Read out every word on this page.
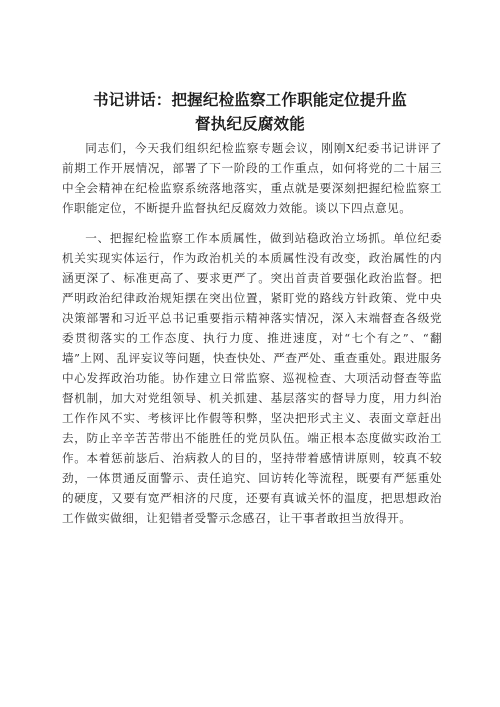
书记讲话：把握纪检监察工作职能定位提升监
督执纪反腐效能

同志们，今天我们组织纪检监察专题会议，刚刚X纪委书记讲评了前期工作开展情况，部署了下一阶段的工作重点，如何将党的二十届三中全会精神在纪检监察系统落地落实，重点就是要深刻把握纪检监察工作职能定位，不断提升监督执纪反腐效力效能。谈以下四点意见。

一、把握纪检监察工作本质属性，做到站稳政治立场抓。单位纪委机关实现实体运行，作为政治机关的本质属性没有改变，政治属性的内涵更深了、标准更高了、要求更严了。突出首责首要强化政治监督。把严明政治纪律政治规矩摆在突出位置，紧盯党的路线方针政策、党中央决策部署和习近平总书记重要指示精神落实情况，深入末端督查各级党委贯彻落实的工作态度、执行力度、推进速度，对“七个有之”、“翻墙”上网、乱评妄议等问题，快查快处、严查严处、重查重处。跟进服务中心发挥政治功能。协作建立日常监察、巡视检查、大项活动督查等监督机制，加大对党组领导、机关抓建、基层落实的督导力度，用力纠治工作作风不实、考核评比作假等积弊，坚决把形式主义、表面文章赶出去，防止辛辛苦苦带出不能胜任的党员队伍。端正根本态度做实政治工作。本着惩前毖后、治病救人的目的，坚持带着感情讲原则，较真不较劲，一体贯通反面警示、责任追究、回访转化等流程，既要有严惩重处的硬度，又要有宽严相济的尺度，还要有真诚关怀的温度，把思想政治工作做实做细，让犯错者受警示念感召，让干事者敢担当放得开。
